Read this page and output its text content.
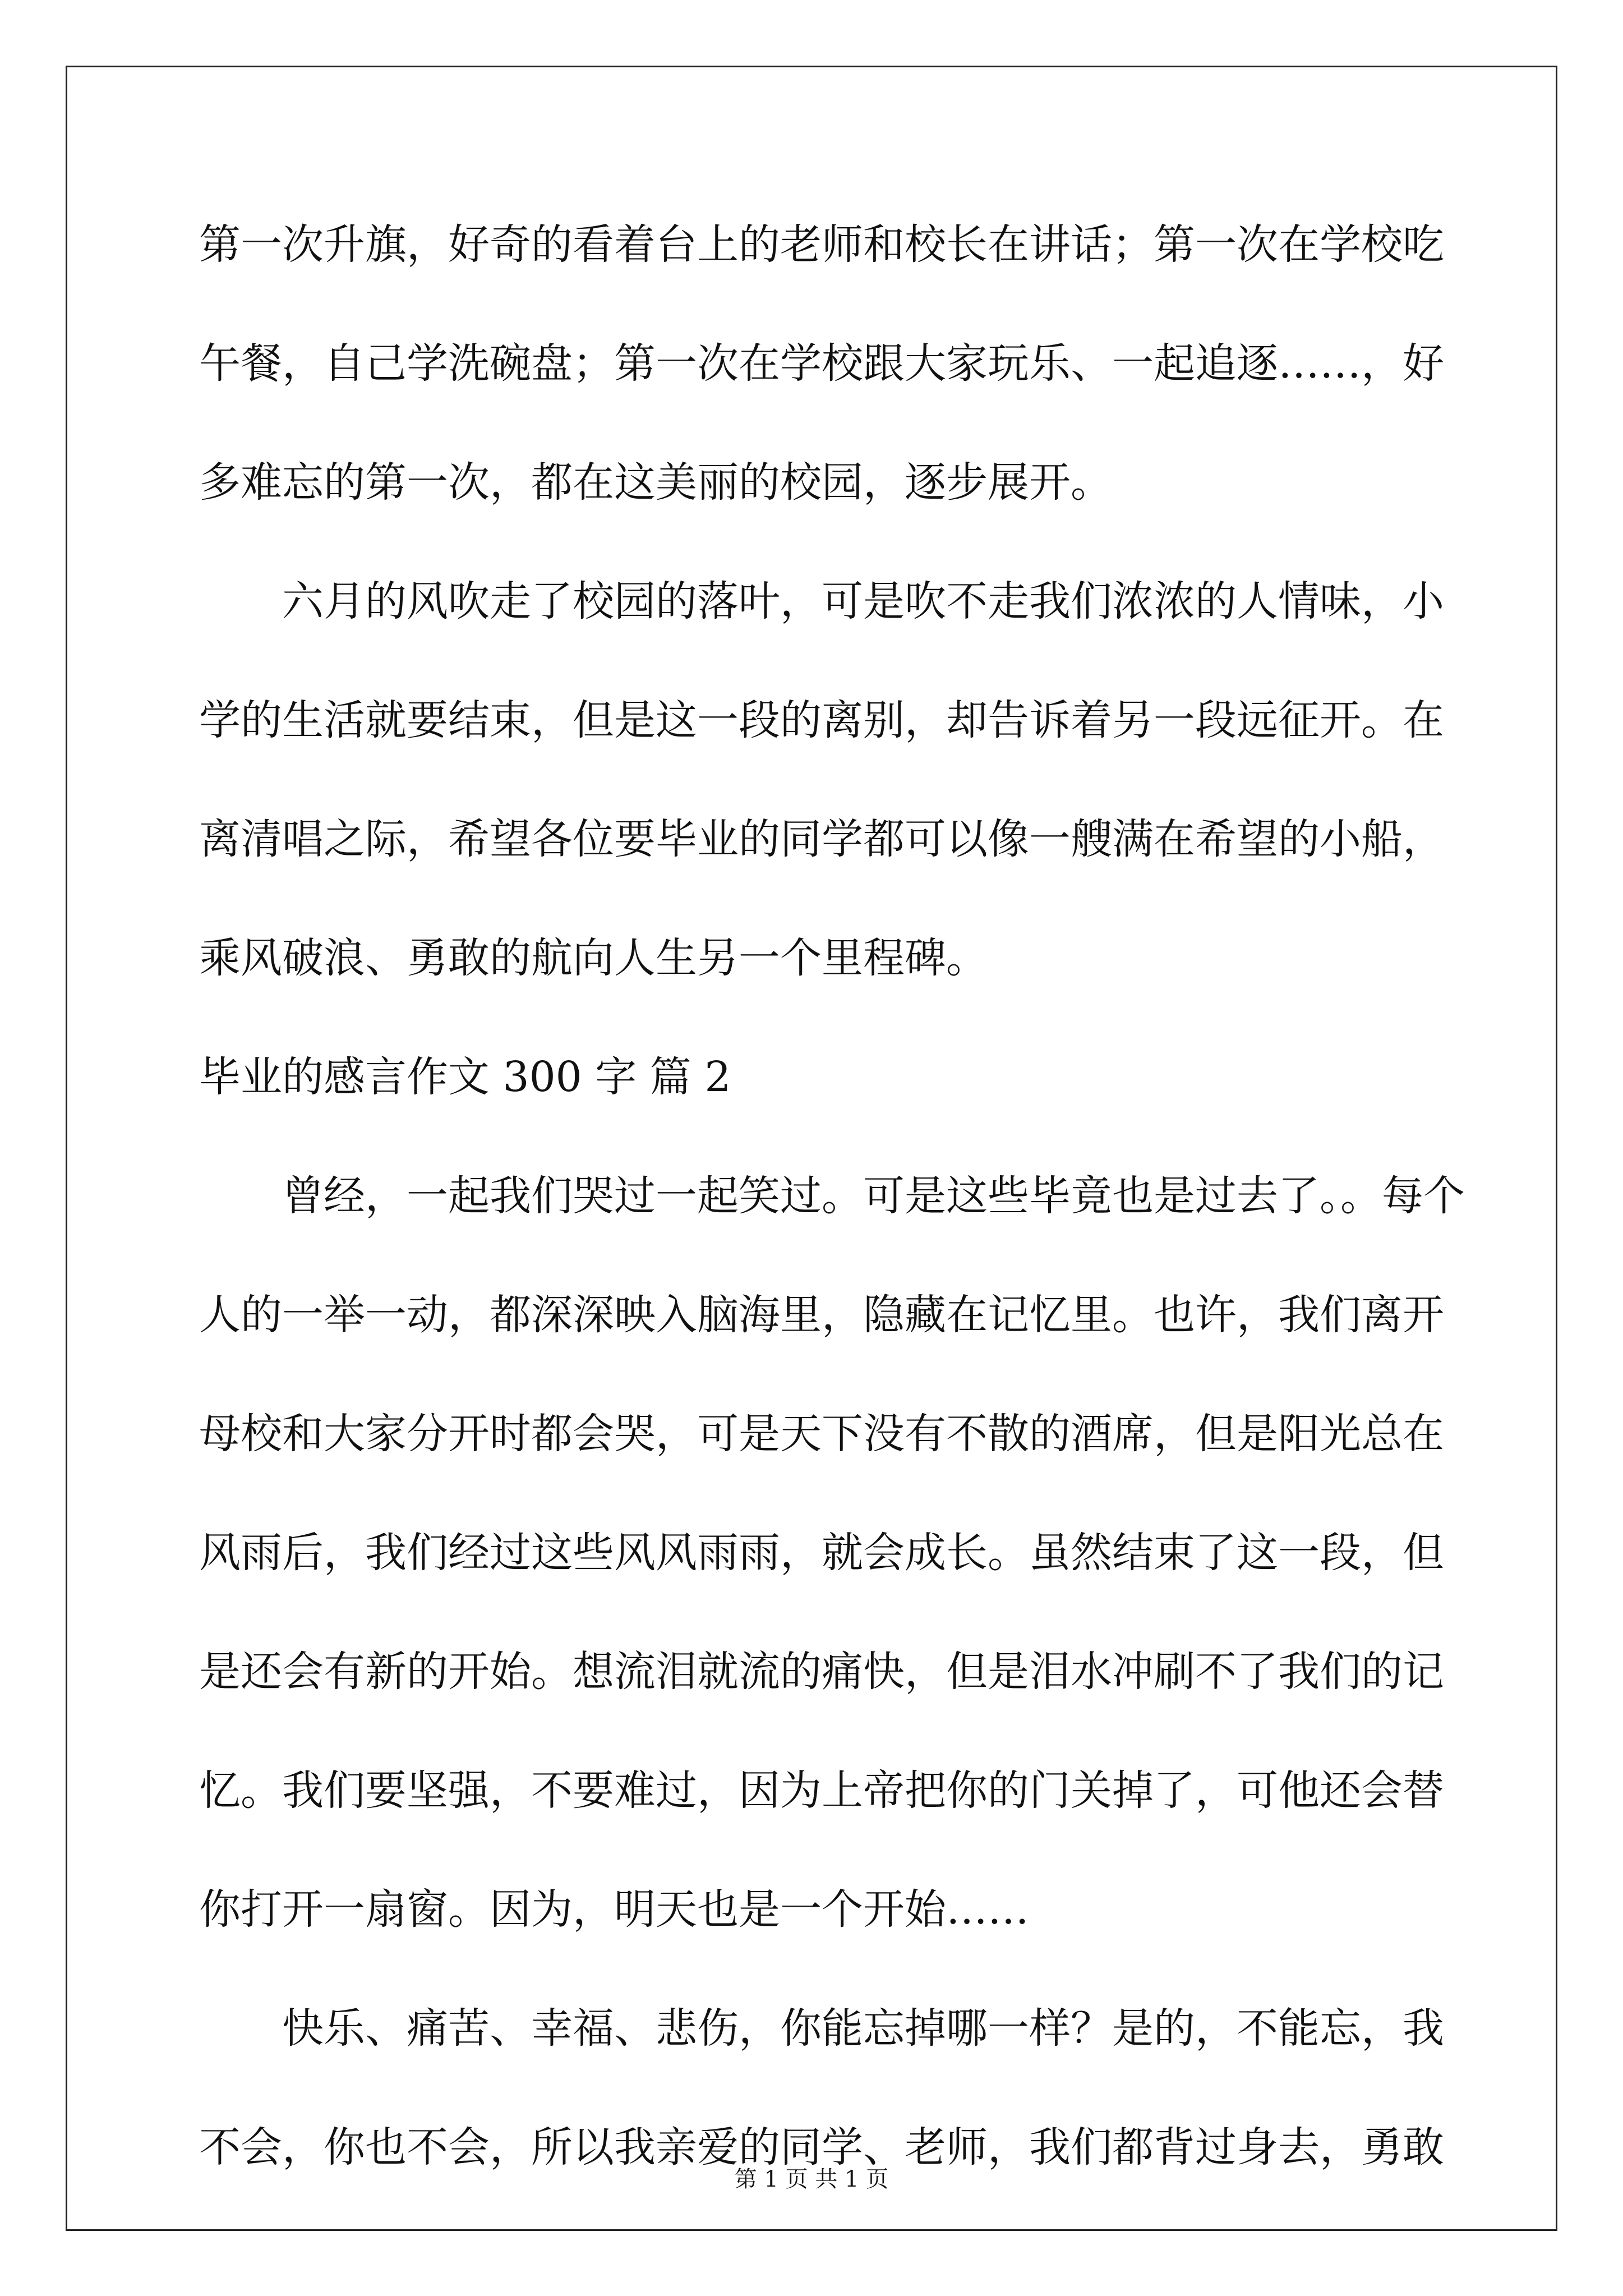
第一次升旗，好奇的看着台上的老师和校长在讲话；第一次在学校吃
午餐，自己学洗碗盘；第一次在学校跟大家玩乐、一起追逐……，好
多难忘的第一次，都在这美丽的校园，逐步展开。
六月的风吹走了校园的落叶，可是吹不走我们浓浓的人情味，小
学的生活就要结束，但是这一段的离别，却告诉着另一段远征开。在
离清唱之际，希望各位要毕业的同学都可以像一艘满在希望的小船，
乘风破浪、勇敢的航向人生另一个里程碑。
毕业的感言作文 300 字 篇 2
曾经，一起我们哭过一起笑过。可是这些毕竟也是过去了。。每个
人的一举一动，都深深映入脑海里，隐藏在记忆里。也许，我们离开
母校和大家分开时都会哭，可是天下没有不散的酒席，但是阳光总在
风雨后，我们经过这些风风雨雨，就会成长。虽然结束了这一段，但
是还会有新的开始。想流泪就流的痛快，但是泪水冲刷不了我们的记
忆。我们要坚强，不要难过，因为上帝把你的门关掉了，可他还会替
你打开一扇窗。因为，明天也是一个开始……
快乐、痛苦、幸福、悲伤，你能忘掉哪一样？是的，不能忘，我
不会，你也不会，所以我亲爱的同学、老师，我们都背过身去，勇敢
第 1 页 共 1 页
